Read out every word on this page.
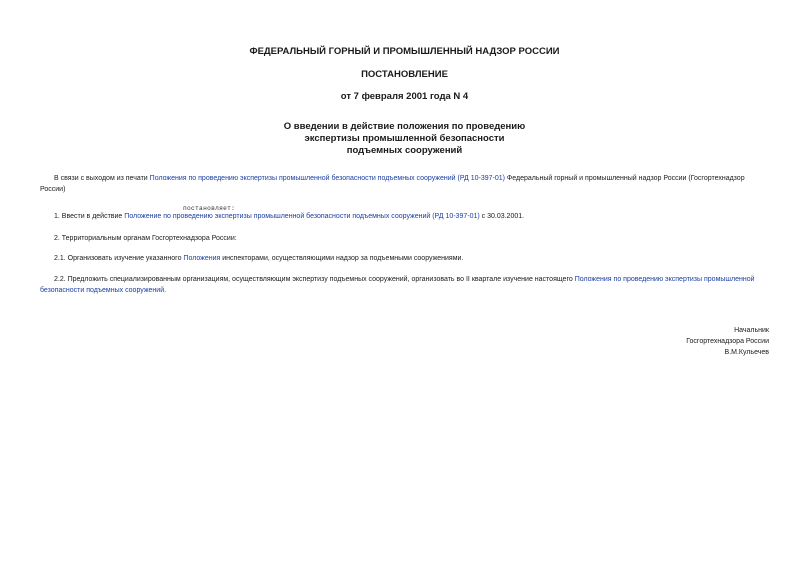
ФЕДЕРАЛЬНЫЙ ГОРНЫЙ И ПРОМЫШЛЕННЫЙ НАДЗОР РОССИИ

ПОСТАНОВЛЕНИЕ

от 7 февраля 2001 года N 4

О введении в действие положения по проведению
экспертизы промышленной безопасности
подъемных сооружений

В связи с выходом из печати Положения по проведению экспертизы промышленной безопасности подъемных сооружений (РД 10-397-01) Федеральный горный и промышленный надзор России (Госгортехнадзор России)

постановляет:

1. Ввести в действие Положение по проведению экспертизы промышленной безопасности подъемных сооружений (РД 10-397-01) с 30.03.2001.

2. Территориальным органам Госгортехнадзора России:

2.1. Организовать изучение указанного Положения инспекторами, осуществляющими надзор за подъемными сооружениями.

2.2. Предложить специализированным организациям, осуществляющим экспертизу подъемных сооружений, организовать во II квартале изучение настоящего Положения по проведению экспертизы промышленной безопасности подъемных сооружений.

Начальник

Госгортехнадзора России

В.М.Кульечев
